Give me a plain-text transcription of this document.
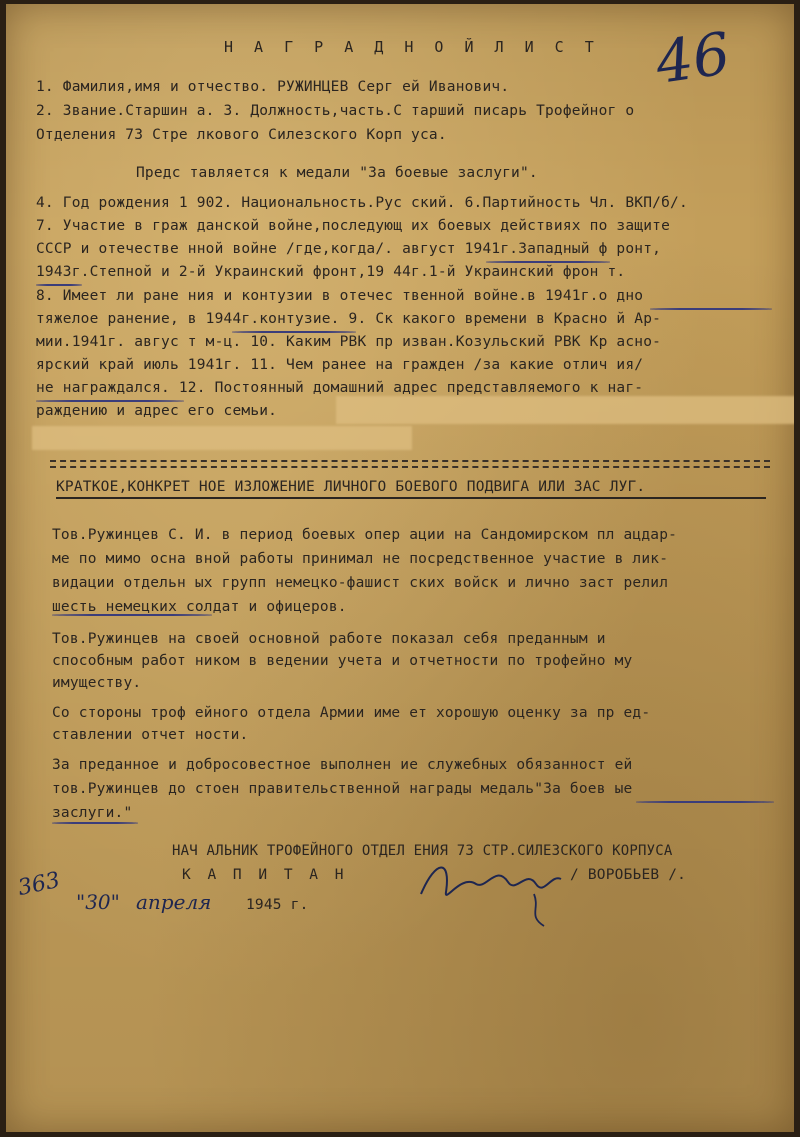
Н А Г Р А Д Н О Й Л И С Т 46
1. Фамилия,имя и отчество. РУЖИНЦЕВ Серг ей Иванович.
2. Звание.Старшин а. 3. Должность,часть.С тарший писарь Трофейног о
Отделения 73 Стре лкового Силезского Корп уса.
Предс тавляется к медали "За боевые заслуги".
4. Год рождения 1 902. Национальность.Рус ский. 6.Партийность Чл. ВКП/б/.
7. Участие в граж данской войне,последующ их боевых действиях по защите
СССР и отечестве нной войне /где,когда/. август 1941г.Западный ф ронт,
1943г.Степной и 2-й Украинский фронт,19 44г.1-й Украинский фрон т.
8. Имеет ли ране ния и контузии в отечес твенной войне.в 1941г.о дно
тяжелое ранение, в 1944г.контузие. 9. Ск какого времени в Красно й Ар-
мии.1941г. авгус т м-ц. 10. Каким РВК пр изван.Козульский РВК Кр асно-
ярский край июль 1941г. 11. Чем ранее на гражден /за какие отлич ия/
не награждался. 12. Постоянный домашний адрес представляемого к наг-
раждению и адрес его семьи.
КРАТКОЕ,КОНКРЕТ НОЕ ИЗЛОЖЕНИЕ ЛИЧНОГО БОЕВОГО ПОДВИГА ИЛИ ЗАС ЛУГ.
Тов.Ружинцев С. И. в период боевых опер ации на Сандомирском пл ацдар-
ме по мимо осна вной работы принимал не посредственное участие в лик-
видации отдельн ых групп немецко-фашист ских войск и лично заст релил
шесть немецких солдат и офицеров.
Тов.Ружинцев на своей основной работе показал себя преданным и
способным работ ником в ведении учета и отчетности по трофейно му
имуществу.
Со стороны троф ейного отдела Армии име ет хорошую оценку за пр ед-
ставлении отчет ности.
За преданное и добросовестное выполнен ие служебных обязанност ей
тов.Ружинцев до стоен правительственной награды медаль"За боев ые
заслуги."
НАЧ АЛЬНИК ТРОФЕЙНОГО ОТДЕЛ ЕНИЯ 73 СТР.СИЛЕЗСКОГО КОРПУСА
К А П И Т А Н	/ ВОРОБЬЕВ /.
363
"30" апреля 1945 г.
